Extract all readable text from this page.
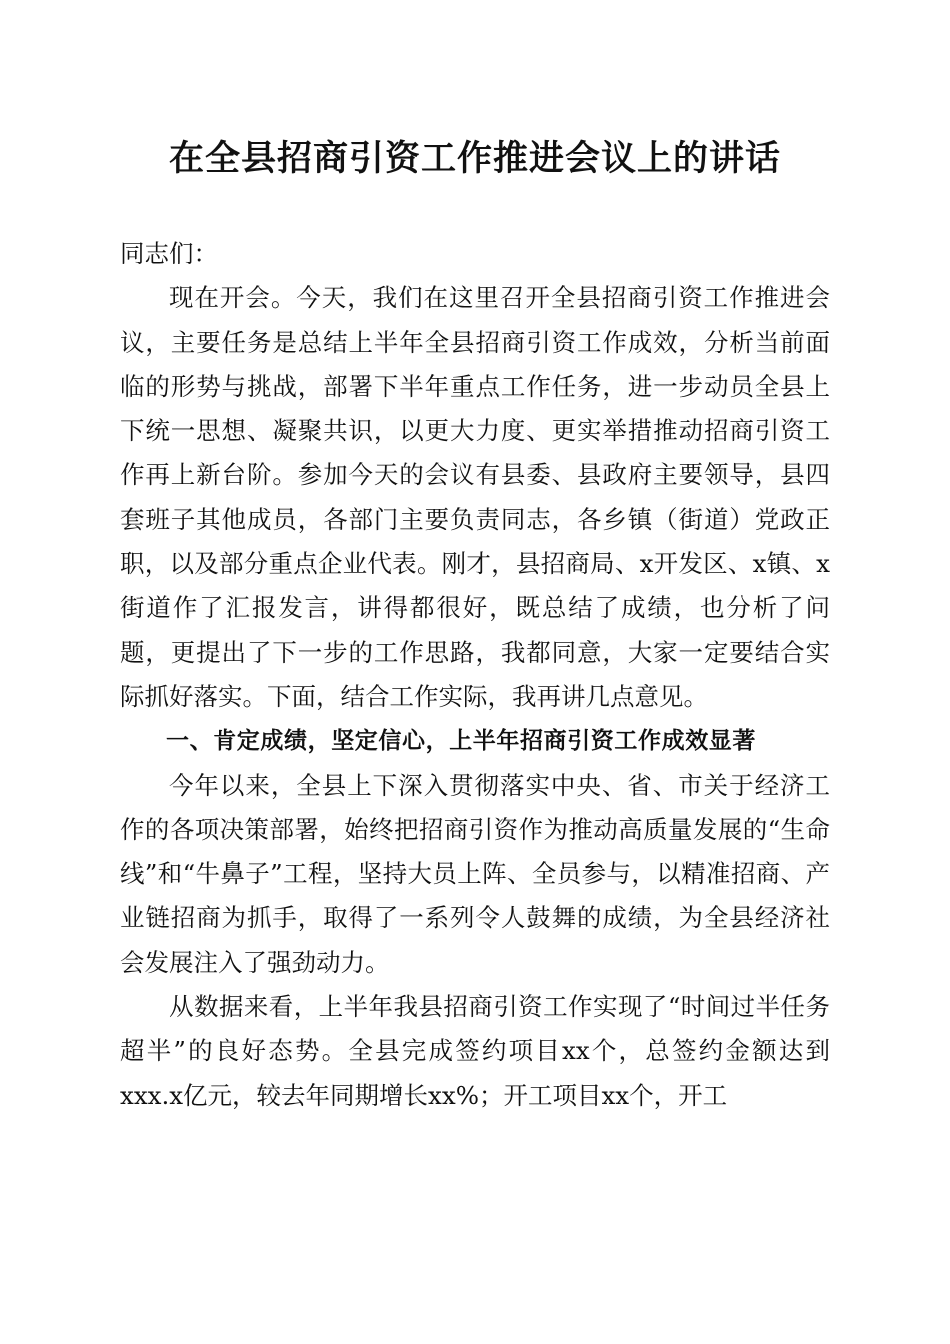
在全县招商引资工作推进会议上的讲话

同志们：

现在开会。今天，我们在这里召开全县招商引资工作推进会议，主要任务是总结上半年全县招商引资工作成效，分析当前面临的形势与挑战，部署下半年重点工作任务，进一步动员全县上下统一思想、凝聚共识，以更大力度、更实举措推动招商引资工作再上新台阶。参加今天的会议有县委、县政府主要领导，县四套班子其他成员，各部门主要负责同志，各乡镇（街道）党政正职，以及部分重点企业代表。刚才，县招商局、x开发区、x镇、x街道作了汇报发言，讲得都很好，既总结了成绩，也分析了问题，更提出了下一步的工作思路，我都同意，大家一定要结合实际抓好落实。下面，结合工作实际，我再讲几点意见。

一、肯定成绩，坚定信心，上半年招商引资工作成效显著

今年以来，全县上下深入贯彻落实中央、省、市关于经济工作的各项决策部署，始终把招商引资作为推动高质量发展的“生命线”和“牛鼻子”工程，坚持大员上阵、全员参与，以精准招商、产业链招商为抓手，取得了一系列令人鼓舞的成绩，为全县经济社会发展注入了强劲动力。

从数据来看，上半年我县招商引资工作实现了“时间过半任务超半”的良好态势。全县完成签约项目xx个，总签约金额达到xxx.x亿元，较去年同期增长xx%；开工项目xx个，开工
